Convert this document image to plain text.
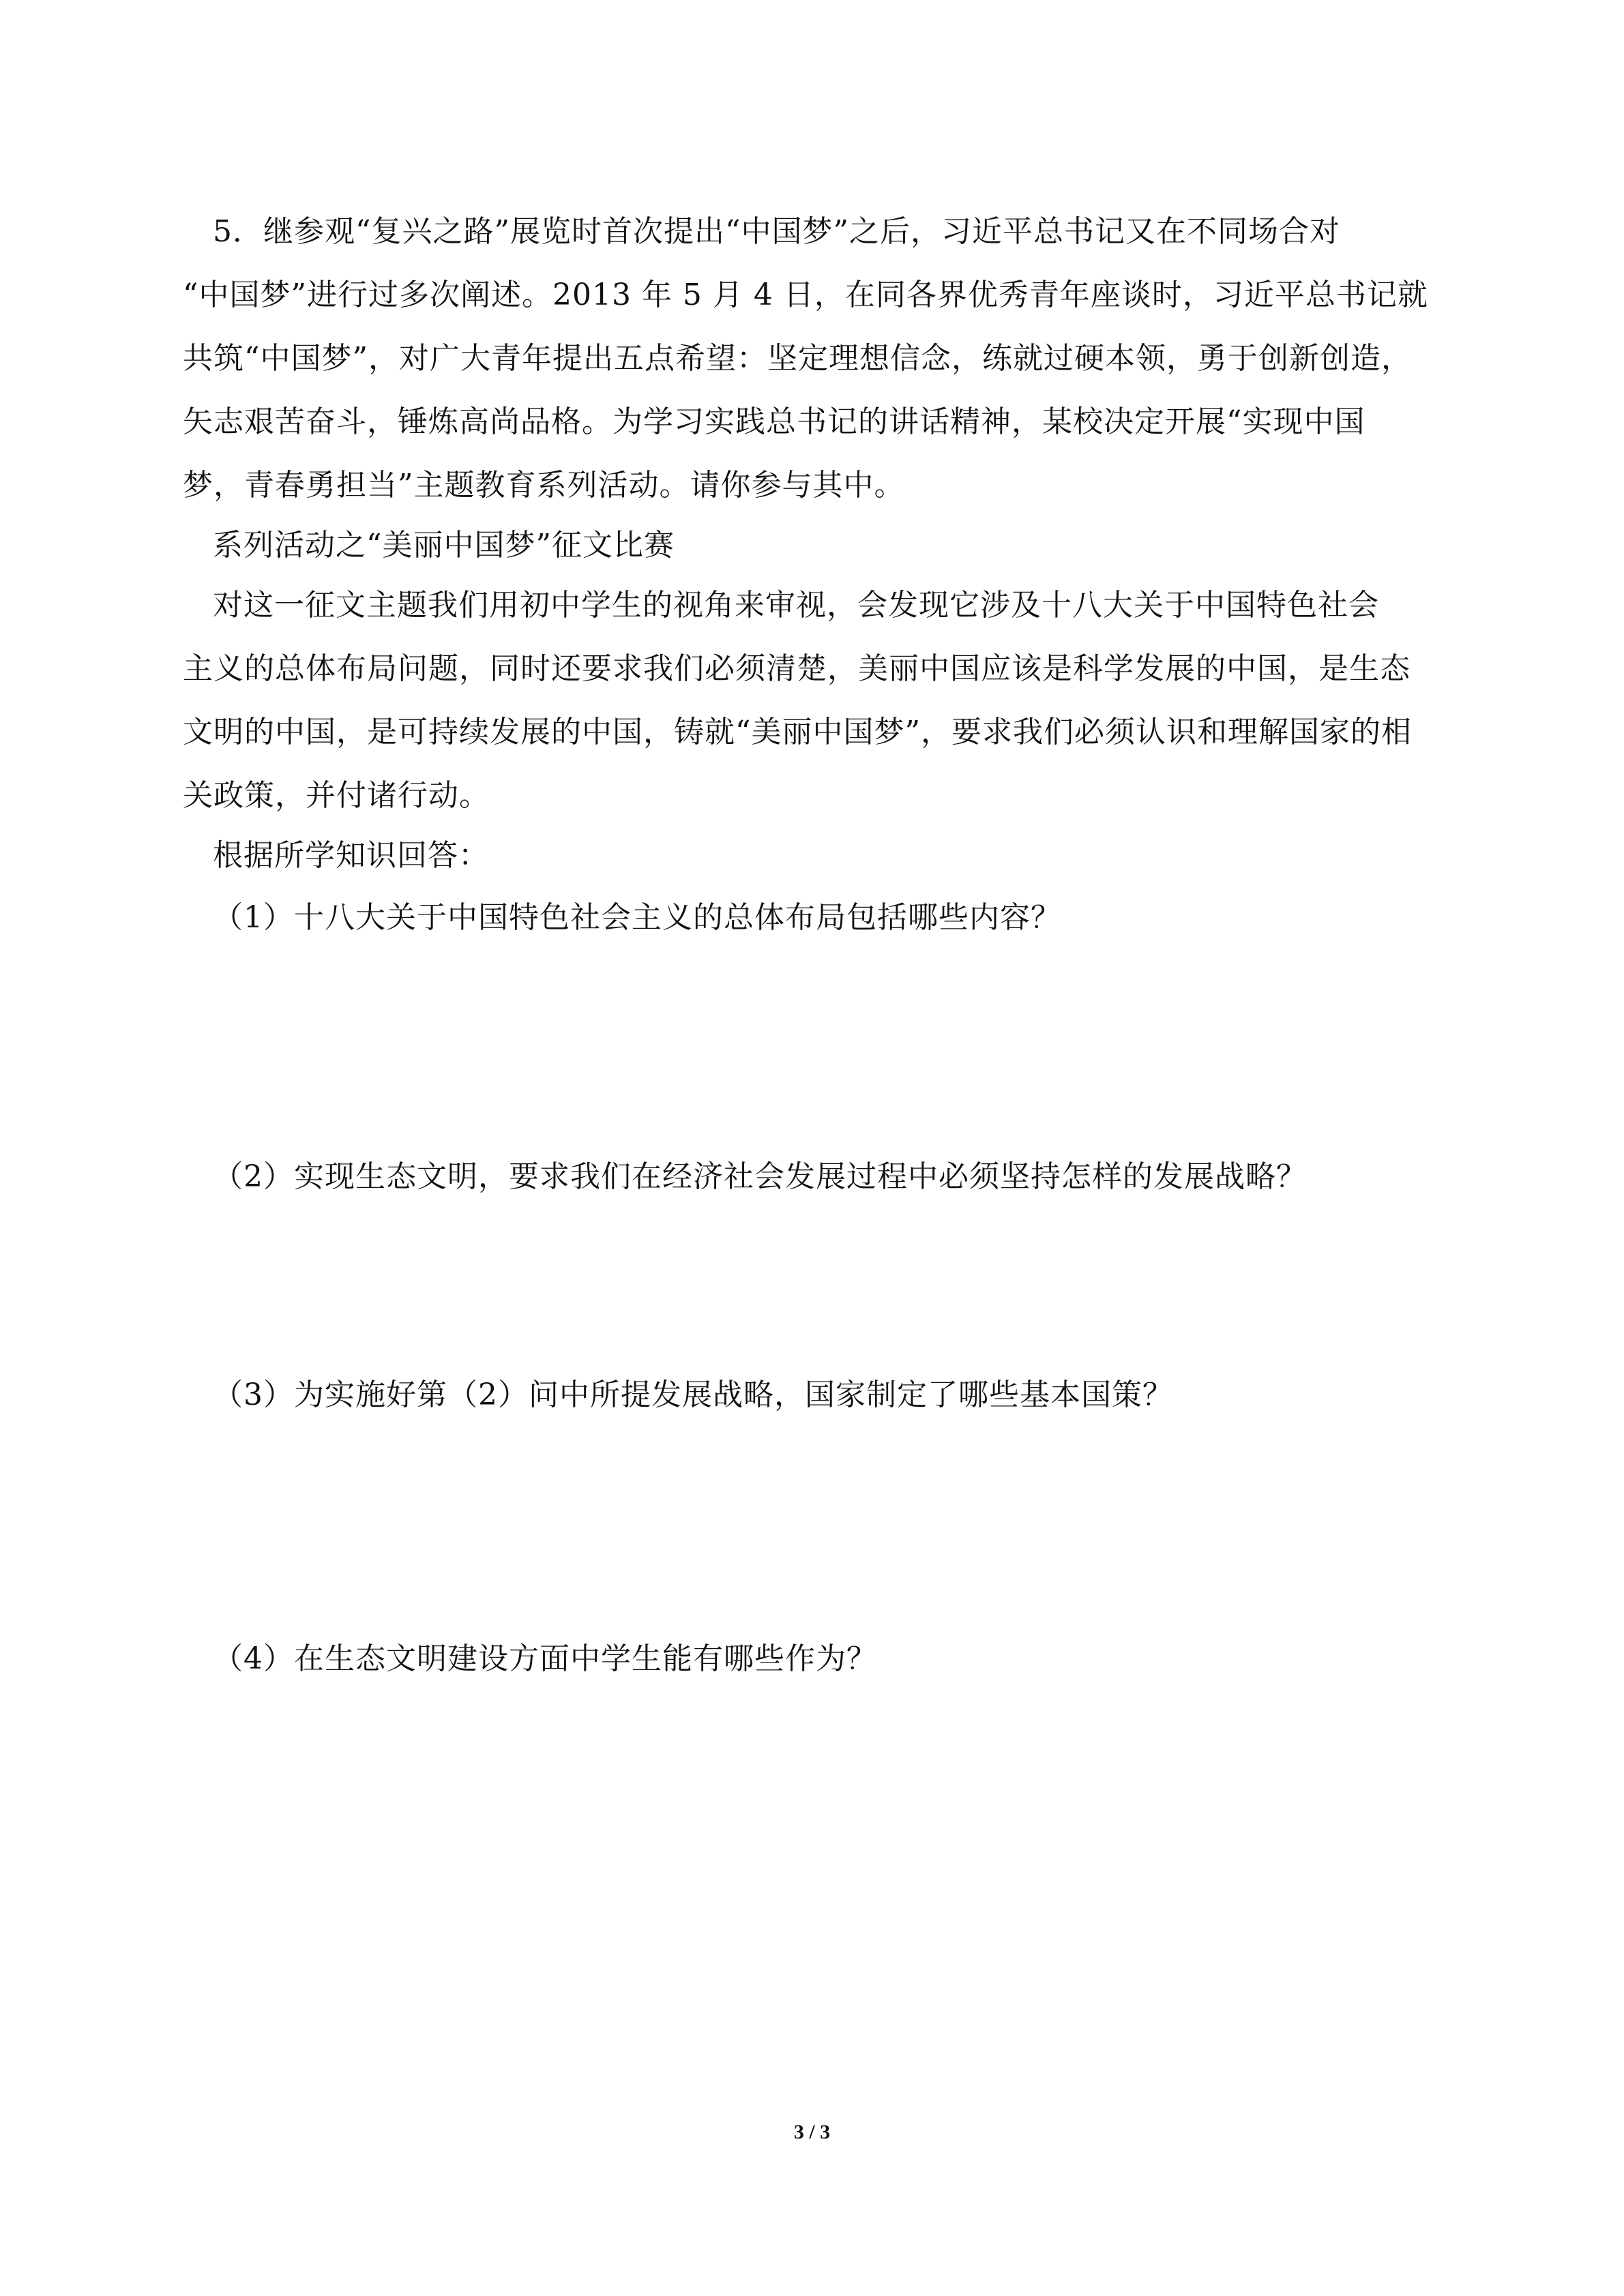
5．继参观“复兴之路”展览时首次提出“中国梦”之后，习近平总书记又在不同场合对
“中国梦”进行过多次阐述。2013 年 5 月 4 日，在同各界优秀青年座谈时，习近平总书记就
共筑“中国梦”，对广大青年提出五点希望：坚定理想信念，练就过硬本领，勇于创新创造，
矢志艰苦奋斗，锤炼高尚品格。为学习实践总书记的讲话精神，某校决定开展“实现中国
梦，青春勇担当”主题教育系列活动。请你参与其中。
系列活动之“美丽中国梦”征文比赛
对这一征文主题我们用初中学生的视角来审视，会发现它涉及十八大关于中国特色社会
主义的总体布局问题，同时还要求我们必须清楚，美丽中国应该是科学发展的中国，是生态
文明的中国，是可持续发展的中国，铸就“美丽中国梦”，要求我们必须认识和理解国家的相
关政策，并付诸行动。
根据所学知识回答：
（1）十八大关于中国特色社会主义的总体布局包括哪些内容？
（2）实现生态文明，要求我们在经济社会发展过程中必须坚持怎样的发展战略？
（3）为实施好第（2）问中所提发展战略，国家制定了哪些基本国策？
（4）在生态文明建设方面中学生能有哪些作为？
3 / 3
